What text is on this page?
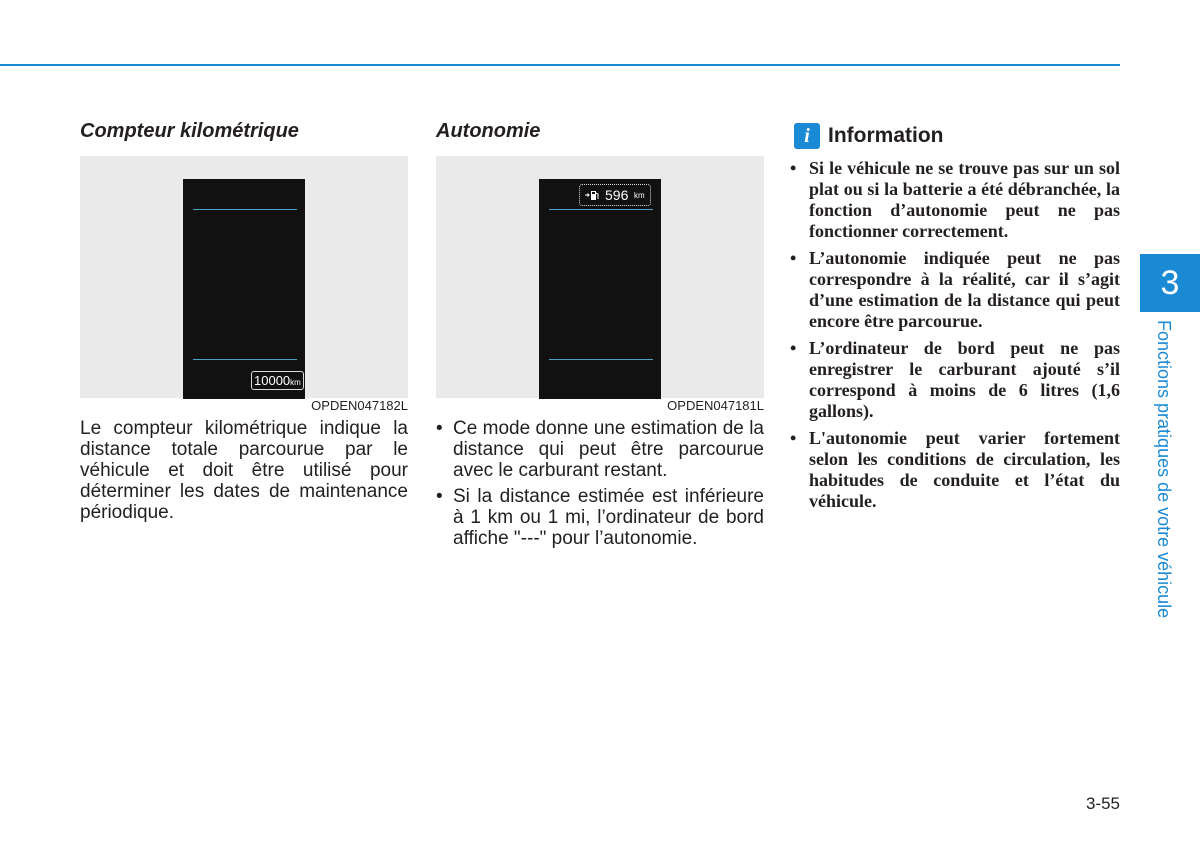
Compteur kilométrique
10000km
OPDEN047182L

Le compteur kilométrique indique la distance totale parcourue par le véhicule et doit être utilisé pour déterminer les dates de maintenance périodique.

Autonomie
596 km
OPDEN047181L
• Ce mode donne une estimation de la distance qui peut être parcourue avec le carburant restant.
• Si la distance estimée est inférieure à 1 km ou 1 mi, l’ordinateur de bord affiche "---" pour l’autonomie.
i Information
• Si le véhicule ne se trouve pas sur un sol plat ou si la batterie a été débranchée, la fonction d’autonomie peut ne pas fonctionner correctement.
• L’autonomie indiquée peut ne pas correspondre à la réalité, car il s’agit d’une estimation de la distance qui peut encore être parcourue.
• L’ordinateur de bord peut ne pas enregistrer le carburant ajouté s’il correspond à moins de 6 litres (1,6 gallons).
• L'autonomie peut varier fortement selon les conditions de circulation, les habitudes de conduite et l’état du véhicule.
3
Fonctions pratiques de votre véhicule
3-55
